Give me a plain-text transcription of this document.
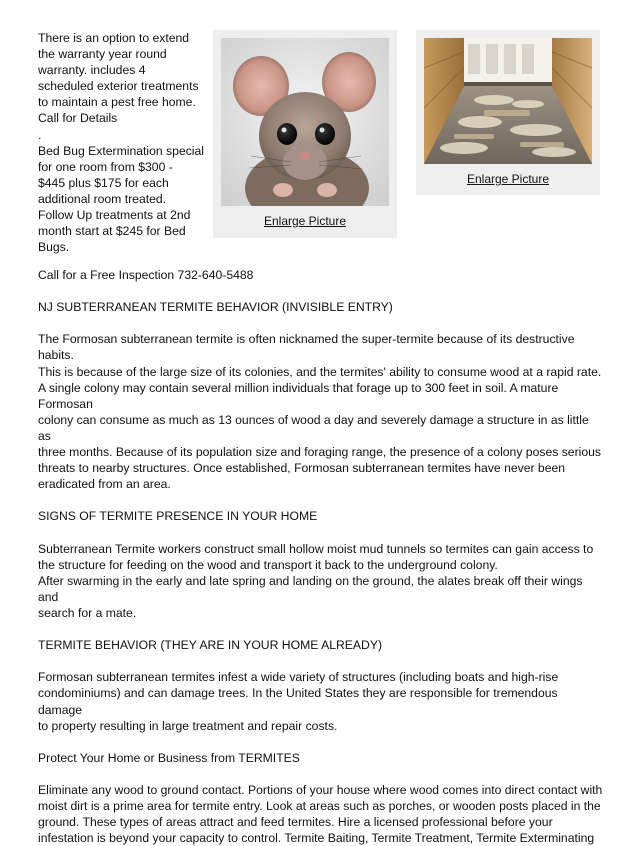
There is an option to extend
the warranty year round
warranty. includes 4
scheduled exterior treatments
to maintain a pest free home.
Call for Details
.
Bed Bug Extermination special
for one room from $300 -
$445 plus $175 for each
additional room treated.
Follow Up treatments at 2nd
month start at $245 for Bed
Bugs.
Enlarge Picture
Enlarge Picture

Call for a Free Inspection 732-640-5488

NJ SUBTERRANEAN TERMITE BEHAVIOR (INVISIBLE ENTRY)

The Formosan subterranean termite is often nicknamed the super-termite because of its destructive

habits.

This is because of the large size of its colonies, and the termites' ability to consume wood at a rapid rate.

A single colony may contain several million individuals that forage up to 300 feet in soil. A mature

Formosan

colony can consume as much as 13 ounces of wood a day and severely damage a structure in as little as

three months. Because of its population size and foraging range, the presence of a colony poses serious

threats to nearby structures. Once established, Formosan subterranean termites have never been

eradicated from an area.

SIGNS OF TERMITE PRESENCE IN YOUR HOME

Subterranean Termite workers construct small hollow moist mud tunnels so termites can gain access to

the structure for feeding on the wood and transport it back to the underground colony.

After swarming in the early and late spring and landing on the ground, the alates break off their wings and

search for a mate.

TERMITE BEHAVIOR (THEY ARE IN YOUR HOME ALREADY)

Formosan subterranean termites infest a wide variety of structures (including boats and high-rise

condominiums) and can damage trees. In the United States they are responsible for tremendous damage

to property resulting in large treatment and repair costs.

Protect Your Home or Business from TERMITES

Eliminate any wood to ground contact. Portions of your house where wood comes into direct contact with

moist dirt is a prime area for termite entry. Look at areas such as porches, or wooden posts placed in the

ground. These types of areas attract and feed termites. Hire a licensed professional before your

infestation is beyond your capacity to control. Termite Baiting, Termite Treatment, Termite Exterminating
